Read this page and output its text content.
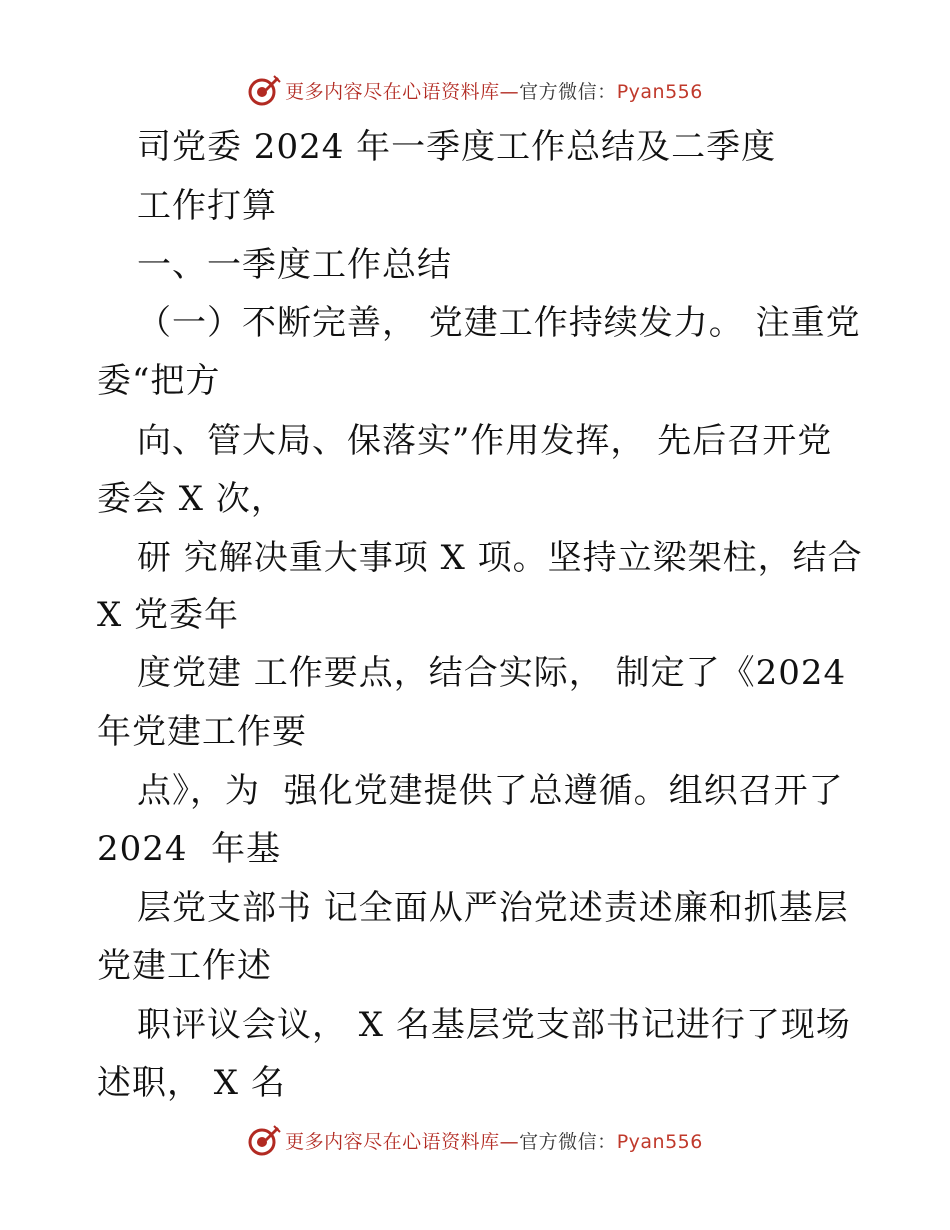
更多内容尽在心语资料库—官方微信：Pyan556
司党委 2024 年一季度工作总结及二季度
工作打算
一、一季度工作总结
（一）不断完善， 党建工作持续发力。 注重党
委“把方
向、管大局、保落实”作用发挥， 先后召开党
委会 X 次，
研 究解决重大事项 X 项。坚持立梁架柱，结合
X 党委年
度党建 工作要点，结合实际， 制定了《2024
年党建工作要
点》，为  强化党建提供了总遵循。组织召开了
2024  年基
层党支部书 记全面从严治党述责述廉和抓基层
党建工作述
职评议会议， X 名基层党支部书记进行了现场
述职， X 名
更多内容尽在心语资料库—官方微信：Pyan556
